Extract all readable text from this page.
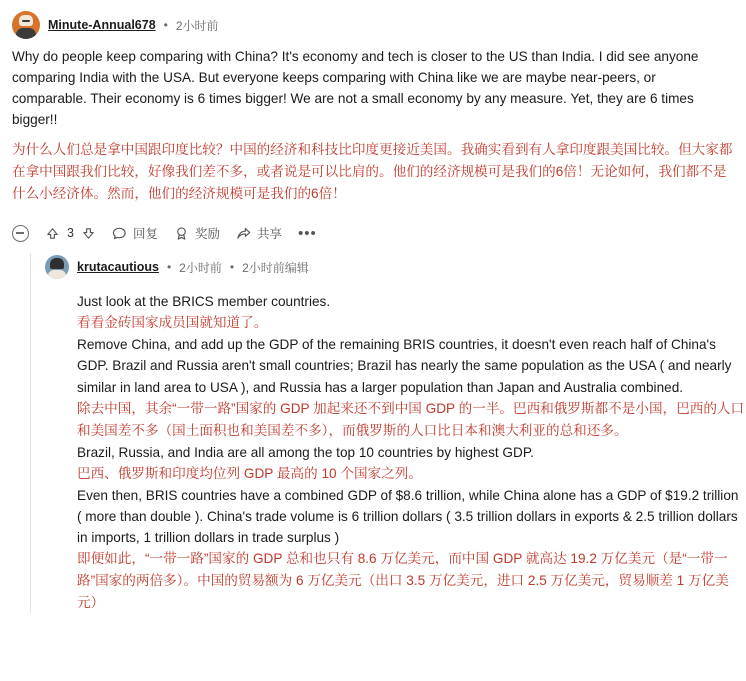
Minute-Annual678 • 2小时前

Why do people keep comparing with China? It's economy and tech is closer to the US than India. I did see anyone comparing India with the USA. But everyone keeps comparing with China like we are maybe near-peers, or comparable. Their economy is 6 times bigger! We are not a small economy by any measure. Yet, they are 6 times bigger!!

为什么人们总是拿中国跟印度比较？中国的经济和科技比印度更接近美国。我确实看到有人拿印度跟美国比较。但大家都在拿中国跟我们比较，好像我们差不多，或者说是可以比肩的。他们的经济规模可是我们的6倍！无论如何，我们都不是什么小经济体。然而，他们的经济规模可是我们的6倍！

3	回复	奖励	共享 •••
krutacautious • 2小时前 • 2小时前编辑

Just look at the BRICS member countries.

看看金砖国家成员国就知道了。

Remove China, and add up the GDP of the remaining BRIS countries, it doesn't even reach half of China's GDP. Brazil and Russia aren't small countries; Brazil has nearly the same population as the USA ( and nearly similar in land area to USA ), and Russia has a larger population than Japan and Australia combined.

除去中国，其余“一带一路”国家的 GDP 加起来还不到中国 GDP 的一半。巴西和俄罗斯都不是小国，巴西的人口和美国差不多（国土面积也和美国差不多），而俄罗斯的人口比日本和澳大利亚的总和还多。

Brazil, Russia, and India are all among the top 10 countries by highest GDP.

巴西、俄罗斯和印度均位列 GDP 最高的 10 个国家之列。

Even then, BRIS countries have a combined GDP of $8.6 trillion, while China alone has a GDP of $19.2 trillion ( more than double ). China's trade volume is 6 trillion dollars ( 3.5 trillion dollars in exports & 2.5 trillion dollars in imports, 1 trillion dollars in trade surplus )

即便如此，“一带一路”国家的 GDP 总和也只有 8.6 万亿美元，而中国 GDP 就高达 19.2 万亿美元（是“一带一路”国家的两倍多）。中国的贸易额为 6 万亿美元（出口 3.5 万亿美元，进口 2.5 万亿美元，贸易顺差 1 万亿美元）
